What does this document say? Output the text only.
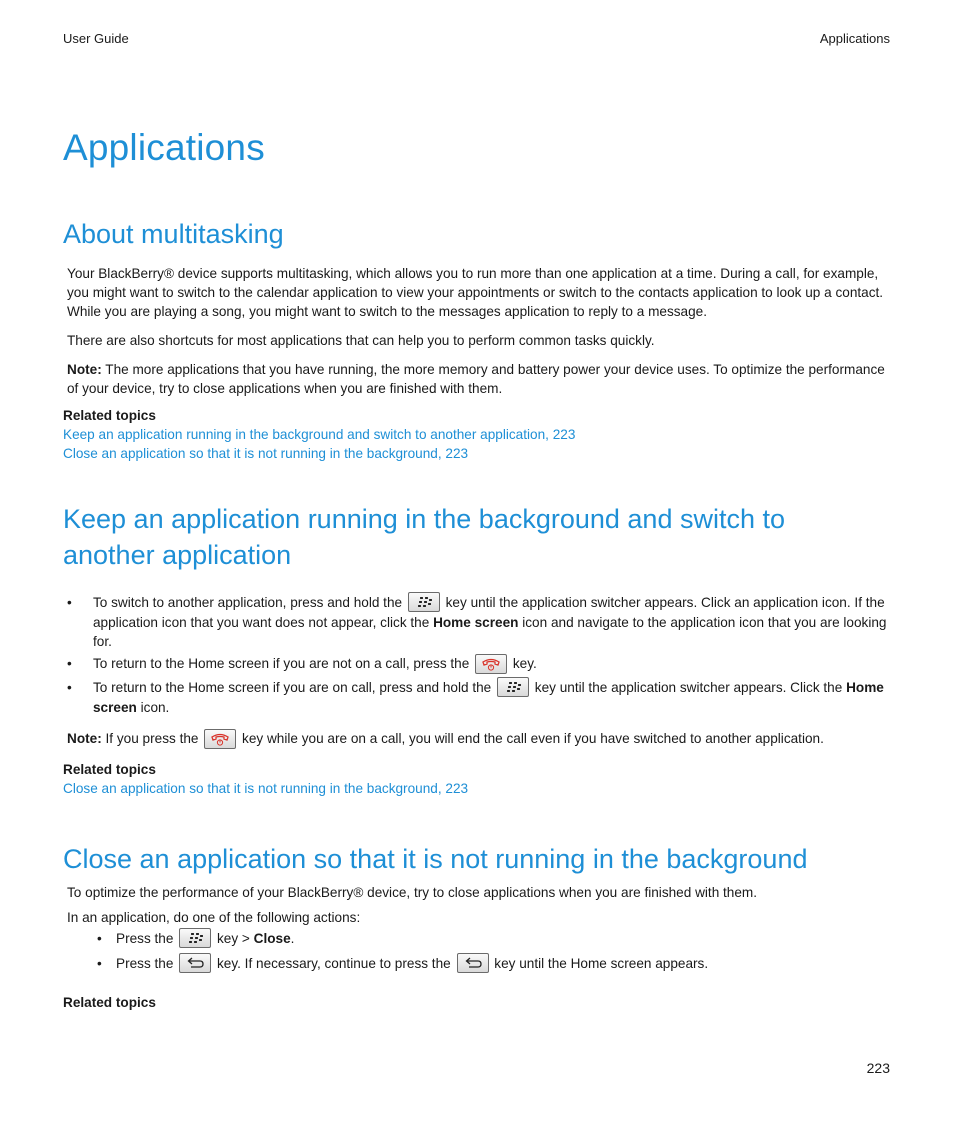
User Guide	Applications
Applications
About multitasking

Your BlackBerry® device supports multitasking, which allows you to run more than one application at a time. During a call, for example, you might want to switch to the calendar application to view your appointments or switch to the contacts application to look up a contact. While you are playing a song, you might want to switch to the messages application to reply to a message.

There are also shortcuts for most applications that can help you to perform common tasks quickly.

Note: The more applications that you have running, the more memory and battery power your device uses. To optimize the performance of your device, try to close applications when you are finished with them.

Related topics

Keep an application running in the background and switch to another application, 223
Close an application so that it is not running in the background, 223
Keep an application running in the background and switch to
another application
• To switch to another application, press and hold the	key until the application switcher appears. Click an application icon. If the application icon that you want does not appear, click the Home screen icon and navigate to the application icon that you are looking for.
• To return to the Home screen if you are not on a call, press the	key.
• To return to the Home screen if you are on call, press and hold the	key until the application switcher appears. Click the Home screen icon.

Note: If you press the	key while you are on a call, you will end the call even if you have switched to another application.

Related topics

Close an application so that it is not running in the background, 223
Close an application so that it is not running in the background

To optimize the performance of your BlackBerry® device, try to close applications when you are finished with them.

In an application, do one of the following actions:

• Press the	key > Close.
• Press the	key. If necessary, continue to press the	key until the Home screen appears.

Related topics

223
